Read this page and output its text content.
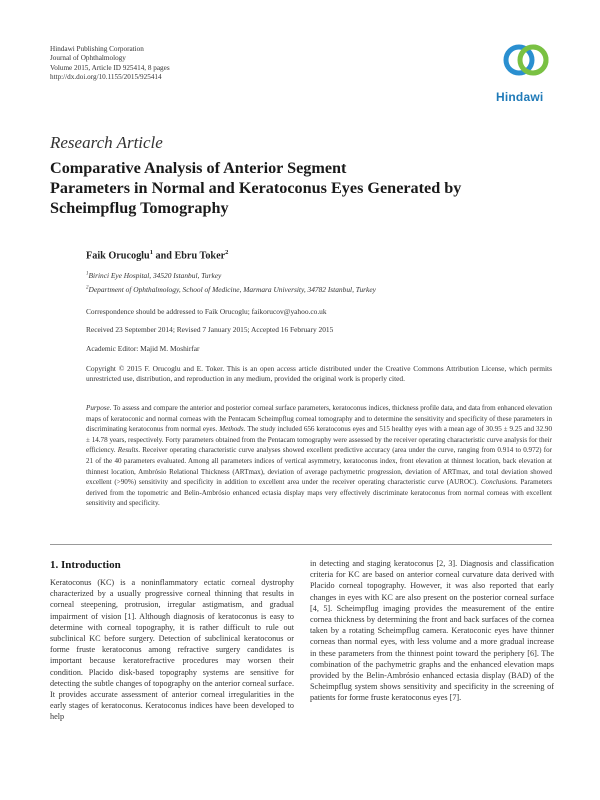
Hindawi Publishing Corporation
Journal of Ophthalmology
Volume 2015, Article ID 925414, 8 pages
http://dx.doi.org/10.1155/2015/925414
Hindawi
Research Article
Comparative Analysis of Anterior Segment
Parameters in Normal and Keratoconus Eyes Generated by
Scheimpflug Tomography
Faik Orucoglu$^1$ and Ebru Toker$^2$
$^1$Birinci Eye Hospital, 34520 Istanbul, Turkey
$^2$Department of Ophthalmology, School of Medicine, Marmara University, 34782 Istanbul, Turkey
Correspondence should be addressed to Faik Orucoglu; faikorucov@yahoo.co.uk
Received 23 September 2014; Revised 7 January 2015; Accepted 16 February 2015
Academic Editor: Majid M. Moshirfar
Copyright © 2015 F. Orucoglu and E. Toker. This is an open access article distributed under the Creative Commons Attribution License, which permits unrestricted use, distribution, and reproduction in any medium, provided the original work is properly cited.
Purpose. To assess and compare the anterior and posterior corneal surface parameters, keratoconus indices, thickness profile data, and data from enhanced elevation maps of keratoconic and normal corneas with the Pentacam Scheimpflug corneal tomography and to determine the sensitivity and specificity of these parameters in discriminating keratoconus from normal eyes. Methods. The study included 656 keratoconus eyes and 515 healthy eyes with a mean age of 30.95 ± 9.25 and 32.90 ± 14.78 years, respectively. Forty parameters obtained from the Pentacam tomography were assessed by the receiver operating characteristic curve analysis for their efficiency. Results. Receiver operating characteristic curve analyses showed excellent predictive accuracy (area under the curve, ranging from 0.914 to 0.972) for 21 of the 40 parameters evaluated. Among all parameters indices of vertical asymmetry, keratoconus index, front elevation at thinnest location, back elevation at thinnest location, Ambrósio Relational Thickness (ARTmax), deviation of average pachymetric progression, deviation of ARTmax, and total deviation showed excellent (>90%) sensitivity and specificity in addition to excellent area under the receiver operating characteristic curve (AUROC). Conclusions. Parameters derived from the topometric and Belin-Ambrósio enhanced ectasia display maps very effectively discriminate keratoconus from normal corneas with excellent sensitivity and specificity.
1. Introduction

Keratoconus (KC) is a noninflammatory ectatic corneal dystrophy characterized by a usually progressive corneal thinning that results in corneal steepening, protrusion, irregular astigmatism, and gradual impairment of vision [1]. Although diagnosis of keratoconus is easy to determine with corneal topography, it is rather difficult to rule out subclinical KC before surgery. Detection of subclinical keratoconus or forme fruste keratoconus among refractive surgery candidates is important because keratorefractive procedures may worsen their condition. Placido disk-based topography systems are sensitive for detecting the subtle changes of topography on the anterior corneal surface. It provides accurate assessment of anterior corneal irregularities in the early stages of keratoconus. Keratoconus indices have been developed to help

in detecting and staging keratoconus [2, 3]. Diagnosis and classification criteria for KC are based on anterior corneal curvature data derived with Placido corneal topography. However, it was also reported that early changes in eyes with KC are also present on the posterior corneal surface [4, 5]. Scheimpflug imaging provides the measurement of the entire cornea thickness by determining the front and back surfaces of the cornea taken by a rotating Scheimpflug camera. Keratoconic eyes have thinner corneas than normal eyes, with less volume and a more gradual increase in these parameters from the thinnest point toward the periphery [6]. The combination of the pachymetric graphs and the enhanced elevation maps provided by the Belin-Ambrósio enhanced ectasia display (BAD) of the Scheimpflug system shows sensitivity and specificity in the screening of patients for forme fruste keratoconus eyes [7].
